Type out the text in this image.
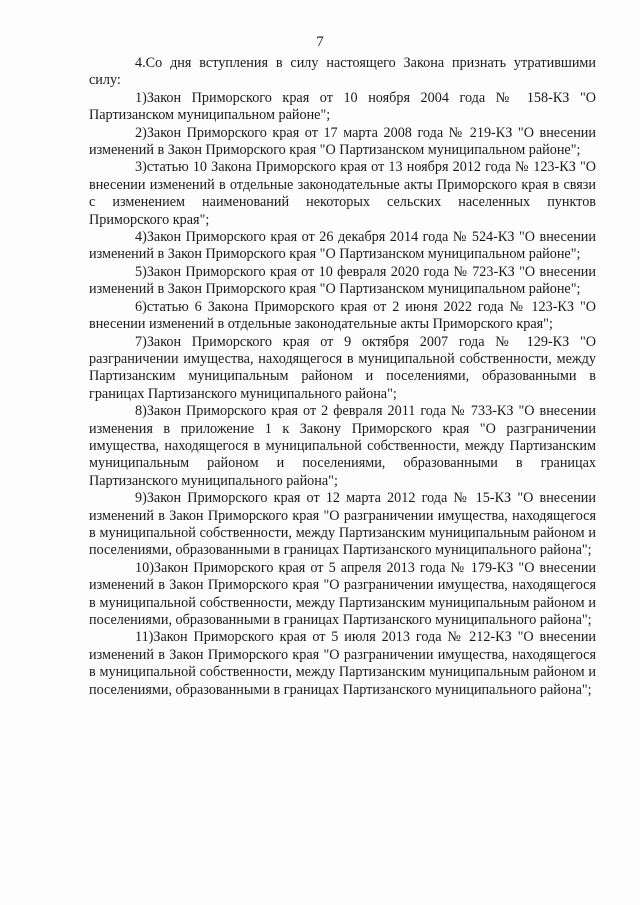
7

4.Со дня вступления в силу настоящего Закона признать утратившими силу:

1)Закон Приморского края от 10 ноября 2004 года № 158-КЗ "О Партизанском муниципальном районе";

2)Закон Приморского края от 17 марта 2008 года № 219-КЗ "О внесении изменений в Закон Приморского края "О Партизанском муниципальном районе";

3)статью 10 Закона Приморского края от 13 ноября 2012 года № 123-КЗ "О внесении изменений в отдельные законодательные акты Приморского края в связи с изменением наименований некоторых сельских населенных пунктов Приморского края";

4)Закон Приморского края от 26 декабря 2014 года № 524-КЗ "О внесении изменений в Закон Приморского края "О Партизанском муниципальном районе";

5)Закон Приморского края от 10 февраля 2020 года № 723-КЗ "О внесении изменений в Закон Приморского края "О Партизанском муниципальном районе";

6)статью 6 Закона Приморского края от 2 июня 2022 года № 123-КЗ "О внесении изменений в отдельные законодательные акты Приморского края";

7)Закон Приморского края от 9 октября 2007 года № 129-КЗ "О разграничении имущества, находящегося в муниципальной собственности, между Партизанским муниципальным районом и поселениями, образованными в границах Партизанского муниципального района";

8)Закон Приморского края от 2 февраля 2011 года № 733-КЗ "О внесении изменения в приложение 1 к Закону Приморского края "О разграничении имущества, находящегося в муниципальной собственности, между Партизанским муниципальным районом и поселениями, образованными в границах Партизанского муниципального района";

9)Закон Приморского края от 12 марта 2012 года № 15-КЗ "О внесении изменений в Закон Приморского края "О разграничении имущества, находящегося в муниципальной собственности, между Партизанским муниципальным районом и поселениями, образованными в границах Партизанского муниципального района";

10)Закон Приморского края от 5 апреля 2013 года № 179-КЗ "О внесении изменений в Закон Приморского края "О разграничении имущества, находящегося в муниципальной собственности, между Партизанским муниципальным районом и поселениями, образованными в границах Партизанского муниципального района";

11)Закон Приморского края от 5 июля 2013 года № 212-КЗ "О внесении изменений в Закон Приморского края "О разграничении имущества, находящегося в муниципальной собственности, между Партизанским муниципальным районом и поселениями, образованными в границах Партизанского муниципального района";
